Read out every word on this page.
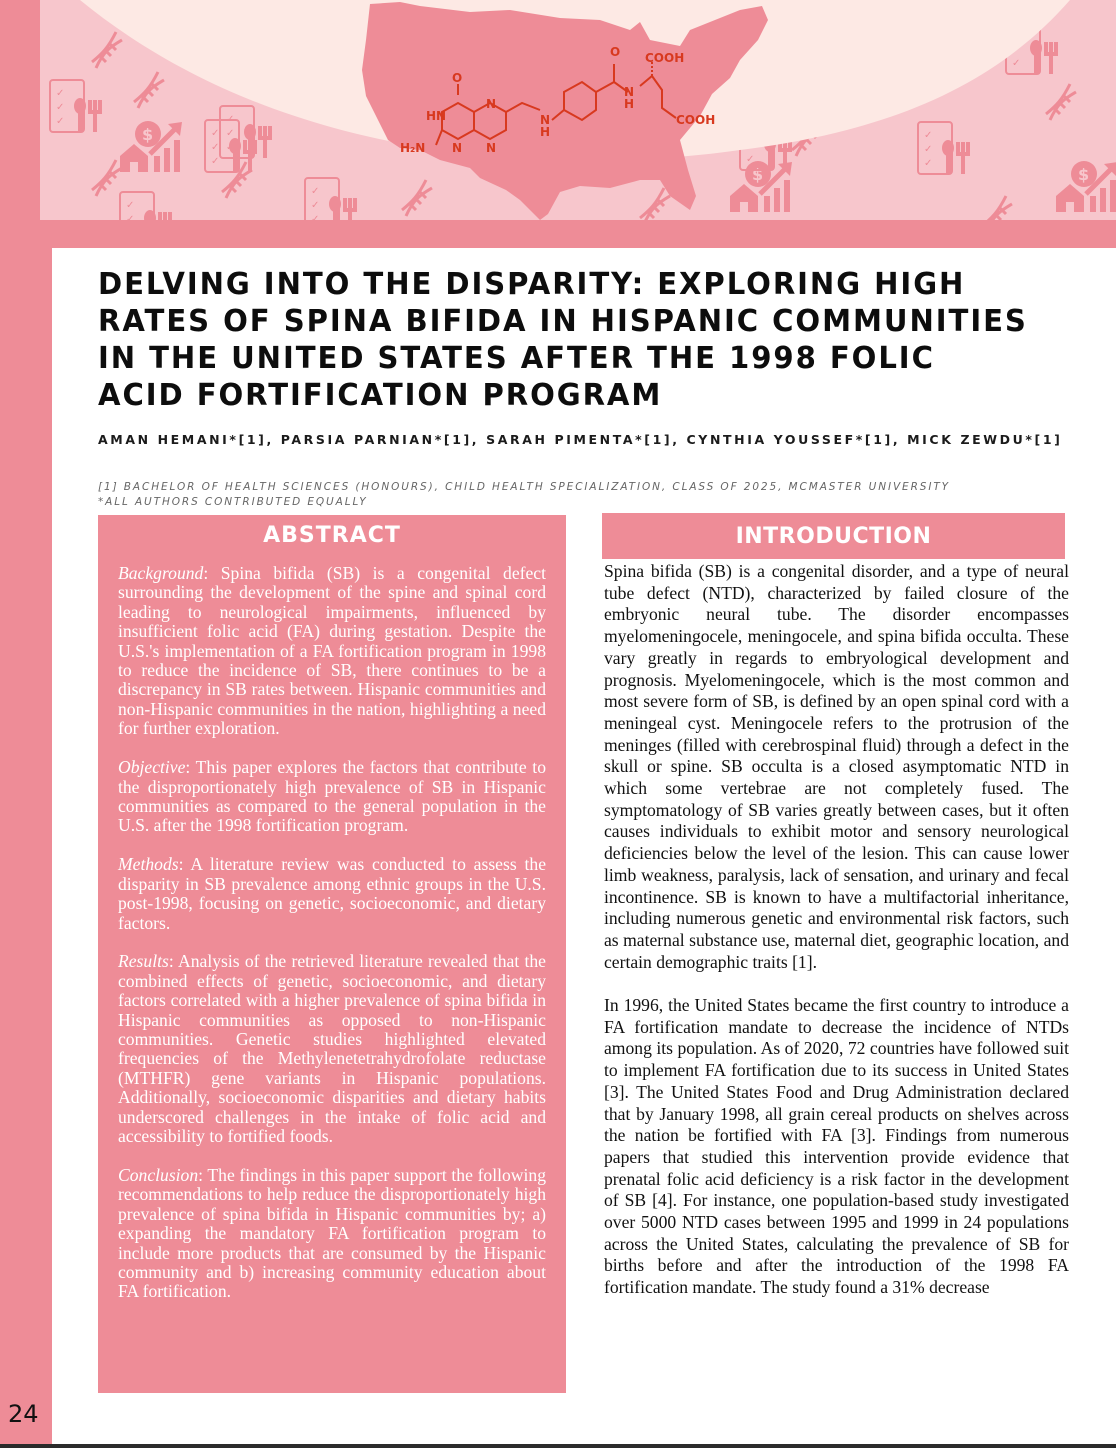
✓
✓
✓
$
O
HN
H₂N N
N
N
N
H
O
N
H
COOH
COOH
DELVING INTO THE DISPARITY: EXPLORING HIGH RATES OF SPINA BIFIDA IN HISPANIC COMMUNITIES IN THE UNITED STATES AFTER THE 1998 FOLIC ACID FORTIFICATION PROGRAM

AMAN HEMANI*[1], PARSIA PARNIAN*[1], SARAH PIMENTA*[1], CYNTHIA YOUSSEF*[1], MICK ZEWDU*[1]

[1] BACHELOR OF HEALTH SCIENCES (HONOURS), CHILD HEALTH SPECIALIZATION, CLASS OF 2025, MCMASTER UNIVERSITY
*ALL AUTHORS CONTRIBUTED EQUALLY
ABSTRACT

Background: Spina bifida (SB) is a congenital defect surrounding the development of the spine and spinal cord leading to neurological impairments, influenced by insufficient folic acid (FA) during gestation. Despite the U.S.'s implementation of a FA fortification program in 1998 to reduce the incidence of SB, there continues to be a discrepancy in SB rates between. Hispanic communities and non-Hispanic communities in the nation, highlighting a need for further exploration.

Objective: This paper explores the factors that contribute to the disproportionately high prevalence of SB in Hispanic communities as compared to the general population in the U.S. after the 1998 fortification program.

Methods: A literature review was conducted to assess the disparity in SB prevalence among ethnic groups in the U.S. post-1998, focusing on genetic, socioeconomic, and dietary factors.

Results: Analysis of the retrieved literature revealed that the combined effects of genetic, socioeconomic, and dietary factors correlated with a higher prevalence of spina bifida in Hispanic communities as opposed to non-Hispanic communities. Genetic studies highlighted elevated frequencies of the Methylenetetrahydrofolate reductase (MTHFR) gene variants in Hispanic populations. Additionally, socioeconomic disparities and dietary habits underscored challenges in the intake of folic acid and accessibility to fortified foods.

Conclusion: The findings in this paper support the following recommendations to help reduce the disproportionately high prevalence of spina bifida in Hispanic communities by; a) expanding the mandatory FA fortification program to include more products that are consumed by the Hispanic community and b) increasing community education about FA fortification.

INTRODUCTION

Spina bifida (SB) is a congenital disorder, and a type of neural tube defect (NTD), characterized by failed closure of the embryonic neural tube. The disorder encompasses myelomeningocele, meningocele, and spina bifida occulta. These vary greatly in regards to embryological development and prognosis. Myelomeningocele, which is the most common and most severe form of SB, is defined by an open spinal cord with a meningeal cyst. Meningocele refers to the protrusion of the meninges (filled with cerebrospinal fluid) through a defect in the skull or spine. SB occulta is a closed asymptomatic NTD in which some vertebrae are not completely fused. The symptomatology of SB varies greatly between cases, but it often causes individuals to exhibit motor and sensory neurological deficiencies below the level of the lesion. This can cause lower limb weakness, paralysis, lack of sensation, and urinary and fecal incontinence. SB is known to have a multifactorial inheritance, including numerous genetic and environmental risk factors, such as maternal substance use, maternal diet, geographic location, and certain demographic traits [1].

In 1996, the United States became the first country to introduce a FA fortification mandate to decrease the incidence of NTDs among its population. As of 2020, 72 countries have followed suit to implement FA fortification due to its success in United States [3]. The United States Food and Drug Administration declared that by January 1998, all grain cereal products on shelves across the nation be fortified with FA [3]. Findings from numerous papers that studied this intervention provide evidence that prenatal folic acid deficiency is a risk factor in the development of SB [4]. For instance, one population-based study investigated over 5000 NTD cases between 1995 and 1999 in 24 populations across the United States, calculating the prevalence of SB for births before and after the introduction of the 1998 FA fortification mandate. The study found a 31% decrease

24
